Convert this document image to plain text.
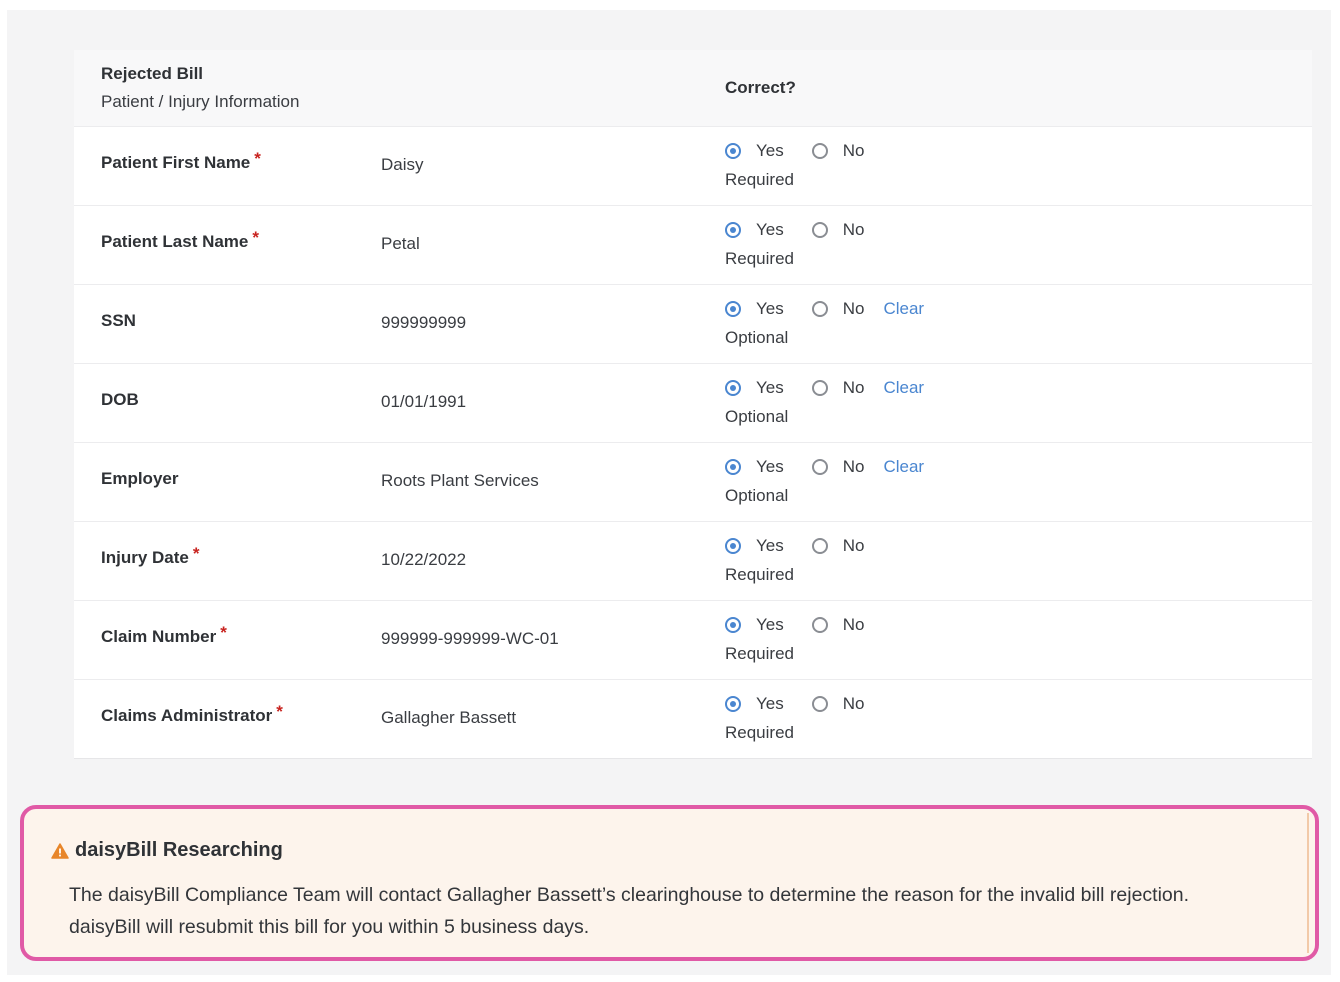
Rejected Bill
Patient / Injury Information
Correct?
Patient First Name *	Daisy
Yes	No
Required
Patient Last Name *	Petal
Yes	No
Required
SSN	999999999
Yes	No Clear
Optional
DOB	01/01/1991
Yes	No Clear
Optional
Employer	Roots Plant Services
Yes	No Clear
Optional
Injury Date *	10/22/2022
Yes	No
Required
Claim Number *	999999-999999-WC-01
Yes	No
Required
Claims Administrator *	Gallagher Bassett
Yes	No
Required
daisyBill Researching
The daisyBill Compliance Team will contact Gallagher Bassett’s clearinghouse to determine the reason for the invalid bill rejection.
daisyBill will resubmit this bill for you within 5 business days.
